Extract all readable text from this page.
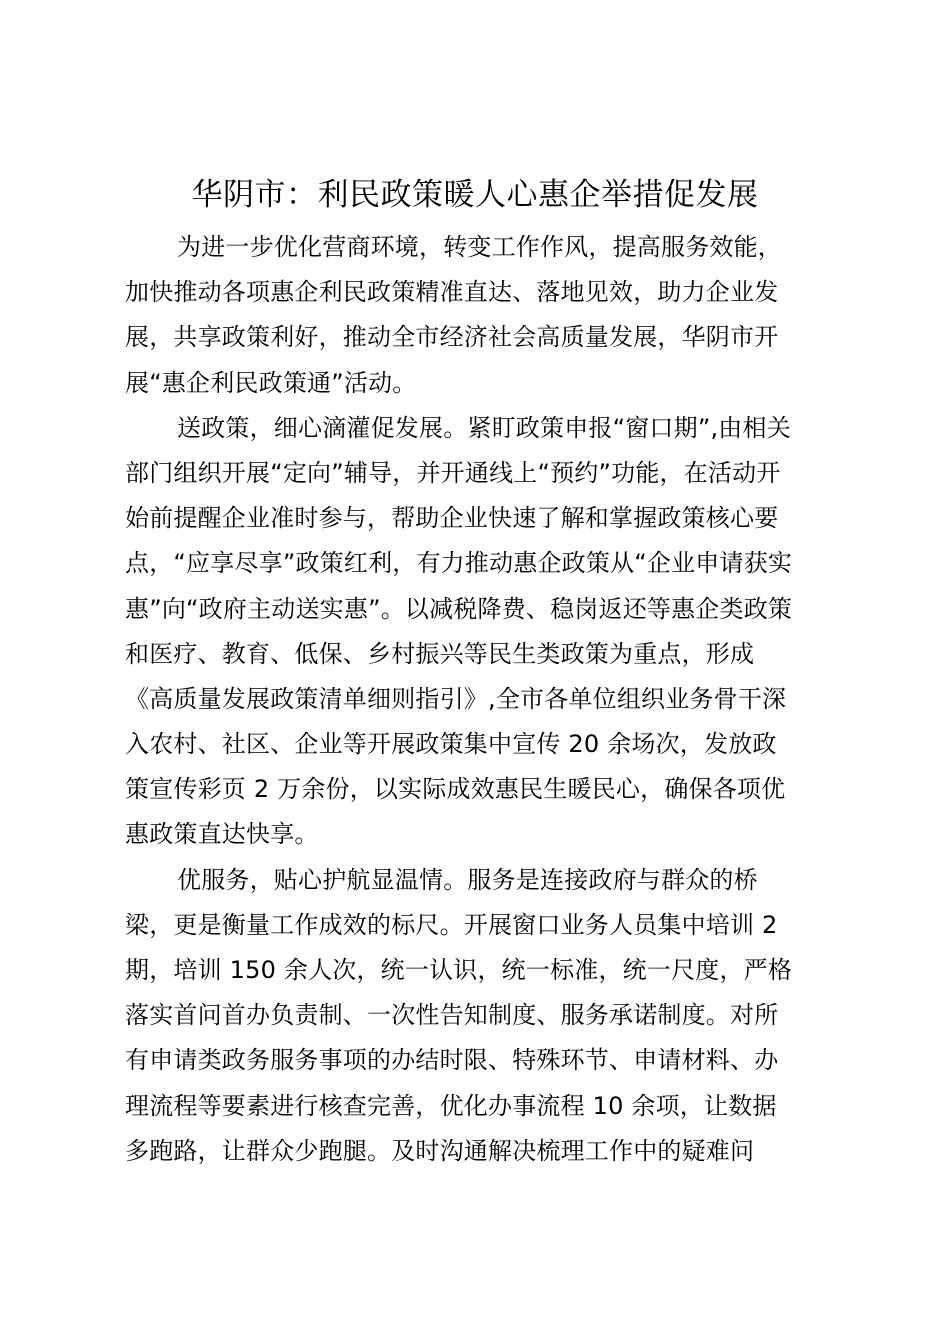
华阴市：利民政策暖人心惠企举措促发展
为进一步优化营商环境，转变工作作风，提高服务效能，
加快推动各项惠企利民政策精准直达、落地见效，助力企业发
展，共享政策利好，推动全市经济社会高质量发展，华阴市开
展“惠企利民政策通”活动。
送政策，细心滴灌促发展。紧盯政策申报“窗口期”,由相关
部门组织开展“定向”辅导，并开通线上“预约”功能，在活动开
始前提醒企业准时参与，帮助企业快速了解和掌握政策核心要
点，“应享尽享”政策红利，有力推动惠企政策从“企业申请获实
惠”向“政府主动送实惠”。以减税降费、稳岗返还等惠企类政策
和医疗、教育、低保、乡村振兴等民生类政策为重点，形成
《高质量发展政策清单细则指引》,全市各单位组织业务骨干深
入农村、社区、企业等开展政策集中宣传 20 余场次，发放政
策宣传彩页 2 万余份，以实际成效惠民生暖民心，确保各项优
惠政策直达快享。
优服务，贴心护航显温情。服务是连接政府与群众的桥
梁，更是衡量工作成效的标尺。开展窗口业务人员集中培训 2
期，培训 150 余人次，统一认识，统一标准，统一尺度，严格
落实首问首办负责制、一次性告知制度、服务承诺制度。对所
有申请类政务服务事项的办结时限、特殊环节、申请材料、办
理流程等要素进行核查完善，优化办事流程 10 余项，让数据
多跑路，让群众少跑腿。及时沟通解决梳理工作中的疑难问
